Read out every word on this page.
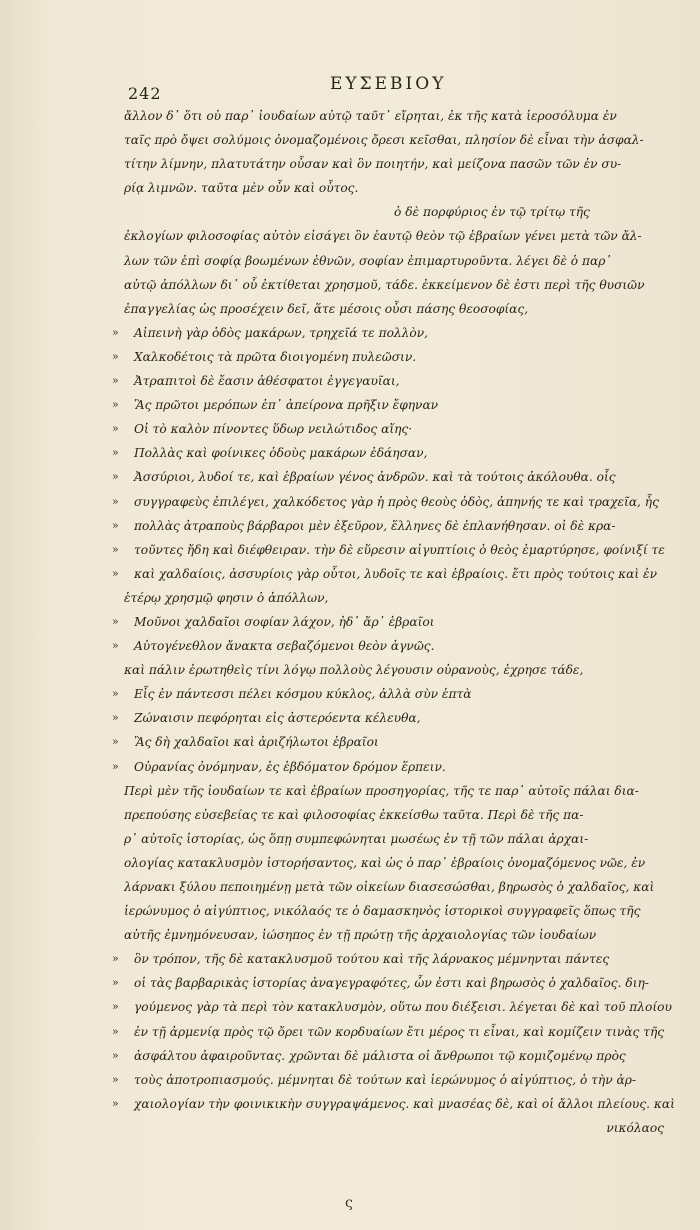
242	ΕΥΣΕΒΙΟΥ
ἄλλον δ᾽ ὅτι οὐ παρ᾽ ἰουδαίων αὐτῷ ταῦτ᾽ εἴρηται, ἐκ τῆς κατὰ ἱεροσόλυμα ἐν
ταῖς πρὸ ὄψει σολύμοις ὀνομαζομένοις ὄρεσι κεῖσθαι, πλησίον δὲ εἶναι τὴν ἀσφαλ-
τίτην λίμνην, πλατυτάτην οὖσαν καὶ ὃν ποιητήν, καὶ μείζονα πασῶν τῶν ἐν συ-
ρίᾳ λιμνῶν. ταῦτα μὲν οὖν καὶ οὗτος.
ὁ δὲ πορφύριος ἐν τῷ τρίτῳ τῆς
ἐκλογίων φιλοσοφίας αὐτὸν εἰσάγει ὃν ἑαυτῷ θεὸν τῷ ἑβραίων γένει μετὰ τῶν ἄλ-
λων τῶν ἐπὶ σοφίᾳ βοωμένων ἐθνῶν, σοφίαν ἐπιμαρτυροῦντα. λέγει δὲ ὁ παρ᾽
αὐτῷ ἀπόλλων δι᾽ οὗ ἐκτίθεται χρησμοῦ, τάδε. ἐκκείμενον δὲ ἐστι περὶ τῆς θυσιῶν
ἐπαγγελίας ὡς προσέχειν δεῖ, ἅτε μέσοις οὖσι πάσης θεοσοφίας,
» Αἰπεινὴ γὰρ ὁδὸς μακάρων, τρηχεῖά τε πολλὸν,
» Χαλκοδέτοις τὰ πρῶτα διοιγομένη πυλεῶσιν.
» Ἀτραπιτοὶ δὲ ἔασιν ἀθέσφατοι ἐγγεγαυῖαι,
» Ἃς πρῶτοι μερόπων ἐπ᾽ ἀπείρονα πρῆξιν ἔφηναν
» Οἱ τὸ καλὸν πίνοντες ὕδωρ νειλώτιδος αἴης·
» Πολλὰς καὶ φοίνικες ὁδοὺς μακάρων ἐδάησαν,
» Ἀσσύριοι, λυδοί τε, καὶ ἑβραίων γένος ἀνδρῶν. καὶ τὰ τούτοις ἀκόλουθα. οἷς
» συγγραφεὺς ἐπιλέγει, χαλκόδετος γὰρ ἡ πρὸς θεοὺς ὁδὸς, ἀπηνής τε καὶ τραχεῖα, ἧς
» πολλὰς ἀτραποὺς βάρβαροι μὲν ἐξεῦρον, ἕλληνες δὲ ἐπλανήθησαν. οἱ δὲ κρα-
» τοῦντες ἤδη καὶ διέφθειραν. τὴν δὲ εὕρεσιν αἰγυπτίοις ὁ θεὸς ἐμαρτύρησε, φοίνιξί τε
» καὶ χαλδαίοις, ἀσσυρίοις γὰρ οὗτοι, λυδοῖς τε καὶ ἑβραίοις. ἔτι πρὸς τούτοις καὶ ἐν
ἑτέρῳ χρησμῷ φησιν ὁ ἀπόλλων,
» Μοῦνοι χαλδαῖοι σοφίαν λάχον, ἠδ᾽ ἄρ᾽ ἑβραῖοι
» Αὐτογένεθλον ἄνακτα σεβαζόμενοι θεὸν ἁγνῶς.
καὶ πάλιν ἐρωτηθεὶς τίνι λόγῳ πολλοὺς λέγουσιν οὐρανοὺς, ἐχρησε τάδε,
» Εἷς ἐν πάντεσσι πέλει κόσμου κύκλος, ἀλλὰ σὺν ἑπτὰ
» Ζώναισιν πεφόρηται εἰς ἀστερόεντα κέλευθα,
» Ἃς δὴ χαλδαῖοι καὶ ἀριζήλωτοι ἑβραῖοι
» Οὐρανίας ὀνόμηναν, ἐς ἑβδόματον δρόμον ἕρπειν.
Περὶ μὲν τῆς ἰουδαίων τε καὶ ἑβραίων προσηγορίας, τῆς τε παρ᾽ αὐτοῖς πάλαι δια-
πρεπούσης εὐσεβείας τε καὶ φιλοσοφίας ἐκκείσθω ταῦτα. Περὶ δὲ τῆς πα-
ρ᾽ αὐτοῖς ἱστορίας, ὡς ὅπῃ συμπεφώνηται μωσέως ἐν τῇ τῶν πάλαι ἀρχαι-
ολογίας κατακλυσμὸν ἱστορήσαντος, καὶ ὡς ὁ παρ᾽ ἑβραίοις ὀνομαζόμενος νῶε, ἐν
λάρνακι ξύλου πεποιημένῃ μετὰ τῶν οἰκείων διασεσώσθαι, βηρωσὸς ὁ χαλδαῖος, καὶ
ἱερώνυμος ὁ αἰγύπτιος, νικόλαός τε ὁ δαμασκηνὸς ἱστορικοὶ συγγραφεῖς ὅπως τῆς
αὐτῆς ἐμνημόνευσαν, ἰώσηπος ἐν τῇ πρώτῃ τῆς ἀρχαιολογίας τῶν ἰουδαίων
» ὃν τρόπον, τῆς δὲ κατακλυσμοῦ τούτου καὶ τῆς λάρνακος μέμνηνται πάντες
» οἱ τὰς βαρβαρικὰς ἱστορίας ἀναγεγραφότες, ὧν ἐστι καὶ βηρωσὸς ὁ χαλδαῖος. διη-
» γούμενος γὰρ τὰ περὶ τὸν κατακλυσμὸν, οὕτω που διέξεισι. λέγεται δὲ καὶ τοῦ πλοίου
» ἐν τῇ ἀρμενίᾳ πρὸς τῷ ὄρει τῶν κορδυαίων ἔτι μέρος τι εἶναι, καὶ κομίζειν τινὰς τῆς
» ἀσφάλτου ἀφαιροῦντας. χρῶνται δὲ μάλιστα οἱ ἄνθρωποι τῷ κομιζομένῳ πρὸς
» τοὺς ἀποτροπιασμούς. μέμνηται δὲ τούτων καὶ ἱερώνυμος ὁ αἰγύπτιος, ὁ τὴν ἀρ-
» χαιολογίαν τὴν φοινικικὴν συγγραψάμενος. καὶ μνασέας δὲ, καὶ οἱ ἄλλοι πλείους. καὶ
νικόλαος
ς
